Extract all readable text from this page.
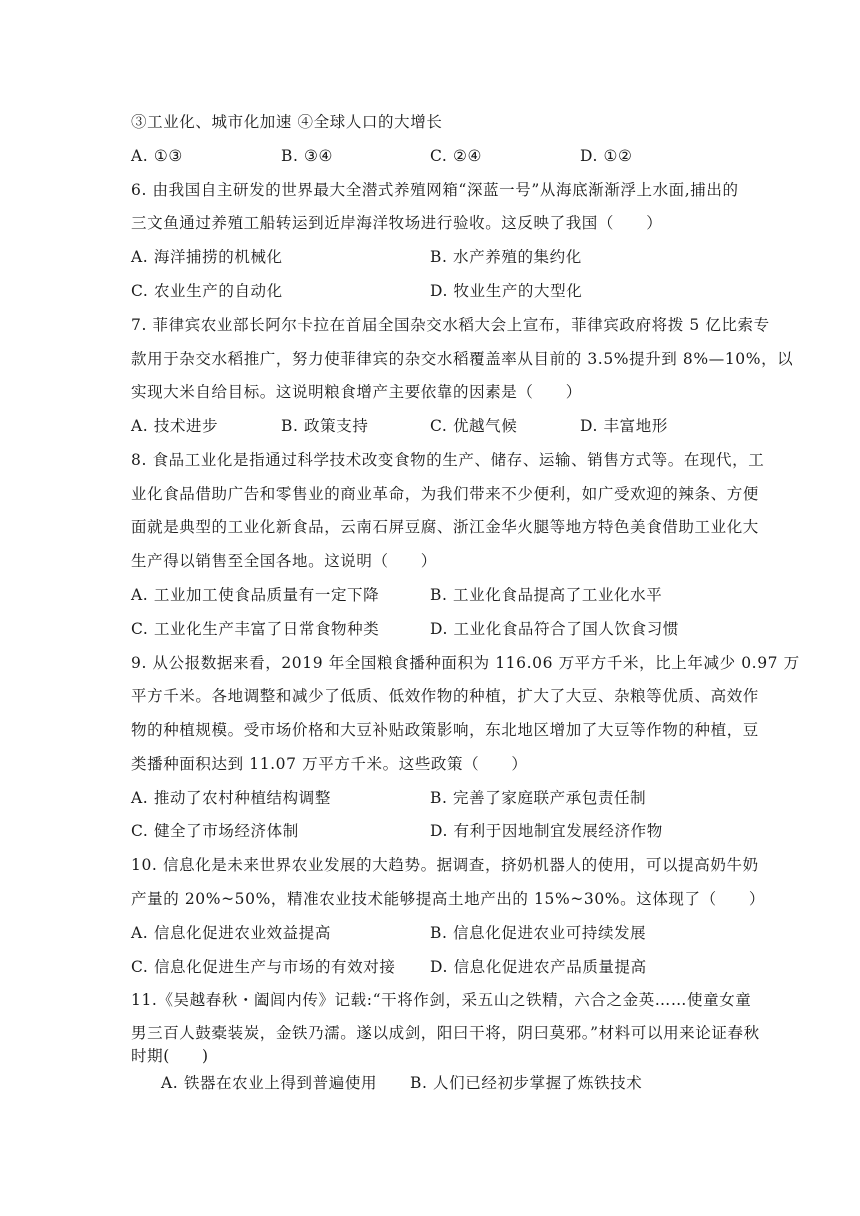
③工业化、城市化加速 ④全球人口的大增长
A. ①③	B. ③④	C. ②④	D. ①②
6. 由我国自主研发的世界最大全潜式养殖网箱“深蓝一号”从海底渐渐浮上水面,捕出的
三文鱼通过养殖工船转运到近岸海洋牧场进行验收。这反映了我国（　　）
A. 海洋捕捞的机械化	B. 水产养殖的集约化
C. 农业生产的自动化	D. 牧业生产的大型化
7. 菲律宾农业部长阿尔卡拉在首届全国杂交水稻大会上宣布，菲律宾政府将拨 5 亿比索专
款用于杂交水稻推广，努力使菲律宾的杂交水稻覆盖率从目前的 3.5%提升到 8%—10%，以
实现大米自给目标。这说明粮食增产主要依靠的因素是（　　）
A. 技术进步	B. 政策支持	C. 优越气候	D. 丰富地形
8. 食品工业化是指通过科学技术改变食物的生产、储存、运输、销售方式等。在现代，工
业化食品借助广告和零售业的商业革命，为我们带来不少便利，如广受欢迎的辣条、方便
面就是典型的工业化新食品，云南石屏豆腐、浙江金华火腿等地方特色美食借助工业化大
生产得以销售至全国各地。这说明（　　）
A. 工业加工使食品质量有一定下降	B. 工业化食品提高了工业化水平
C. 工业化生产丰富了日常食物种类	D. 工业化食品符合了国人饮食习惯
9. 从公报数据来看，2019 年全国粮食播种面积为 116.06 万平方千米，比上年减少 0.97 万
平方千米。各地调整和减少了低质、低效作物的种植，扩大了大豆、杂粮等优质、高效作
物的种植规模。受市场价格和大豆补贴政策影响，东北地区增加了大豆等作物的种植，豆
类播种面积达到 11.07 万平方千米。这些政策（　　）
A. 推动了农村种植结构调整	B. 完善了家庭联产承包责任制
C. 健全了市场经济体制	D. 有利于因地制宜发展经济作物
10. 信息化是未来世界农业发展的大趋势。据调查，挤奶机器人的使用，可以提高奶牛奶
产量的 20%~50%，精准农业技术能够提高土地产出的 15%~30%。这体现了（　　）
A. 信息化促进农业效益提高	B. 信息化促进农业可持续发展
C. 信息化促进生产与市场的有效对接 D. 信息化促进农产品质量提高
11.《吴越春秋・阖闾内传》记载:“干将作剑，采五山之铁精，六合之金英……使童女童
男三百人鼓橐装炭，金铁乃濡。遂以成剑，阳曰干将，阴曰莫邪。”材料可以用来论证春秋
时期(　　)
A. 铁器在农业上得到普遍使用 B. 人们已经初步掌握了炼铁技术
